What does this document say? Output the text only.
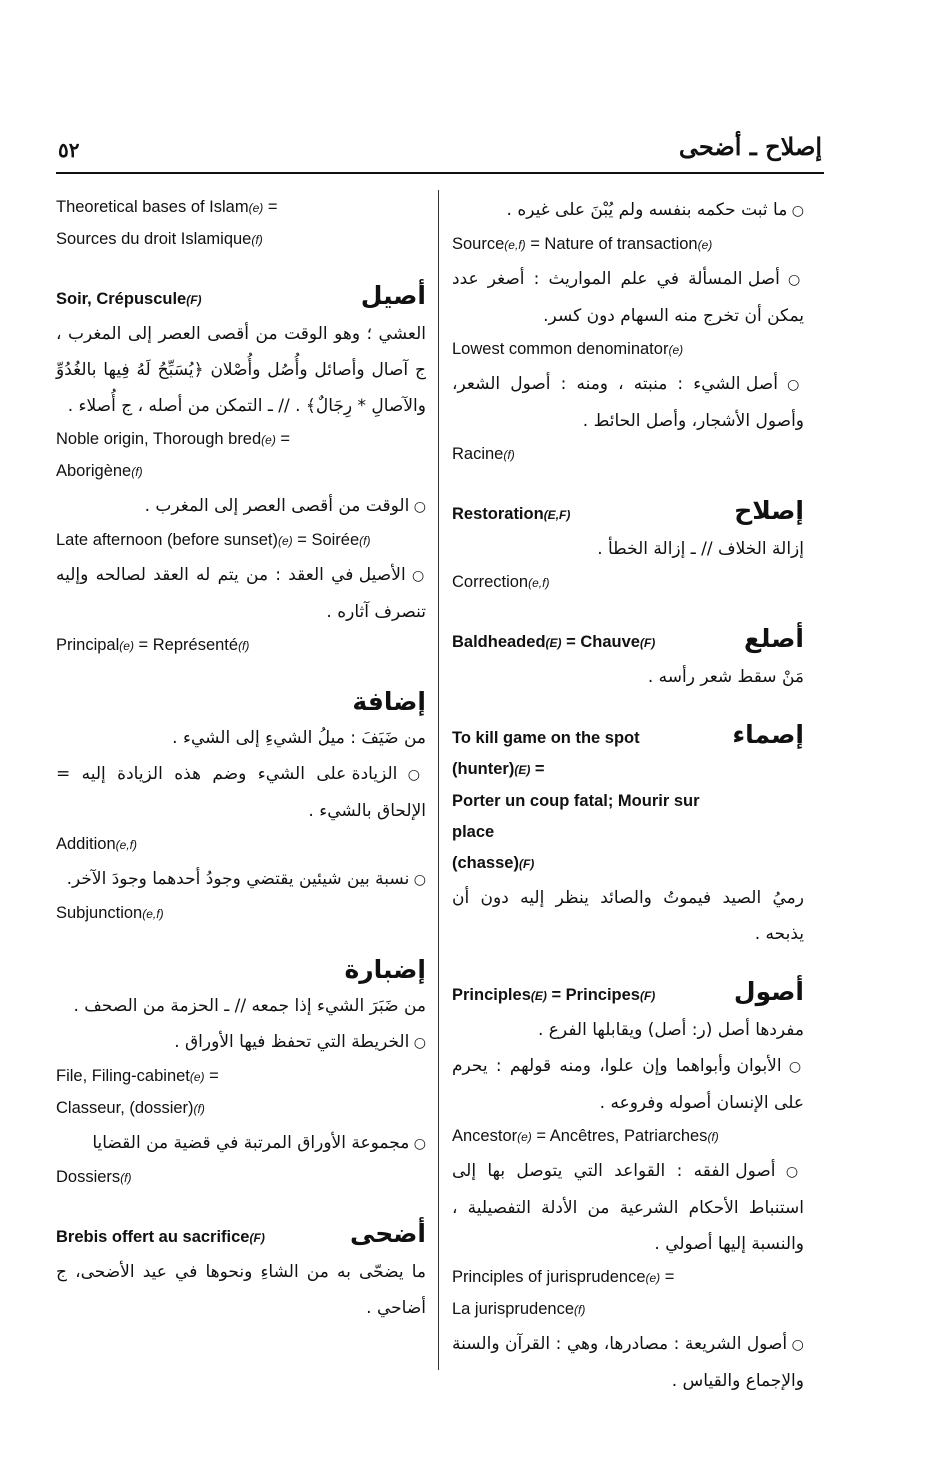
إصلاح ـ أضحى
٥٢
○ ما ثبت حكمه بنفسه ولم يُبْنَ على غيره .
Source(e,f) = Nature of transaction(e)
○ أصل المسألة في علم المواريث : أصغر عدد يمكن أن تخرج منه السهام دون كسر.
Lowest common denominator(e)
○ أصل الشيء : منبته ، ومنه : أصول الشعر، وأصول الأشجار، وأصل الحائط .
Racine(f)
Restoration(E,F)	إصلاح
إزالة الخلاف // ـ إزالة الخطأ .
Correction(e,f)
Baldheaded(E) = Chauve(F)	أصلع
مَنْ سقط شعر رأسه .
To kill game on the spot
(hunter)(E) =
Porter un coup fatal; Mourir sur place
(chasse)(F)
إصماء
رميُ الصيد فيموتُ والصائد ينظر إليه دون أن يذبحه .
Principles(E) = Principes(F)	أصول
مفردها أصل (ر: أصل) ويقابلها الفرع .
○ الأبوان وأبواهما وإن علوا، ومنه قولهم : يحرم على الإنسان أصوله وفروعه .
Ancestor(e) = Ancêtres, Patriarches(f)
○ أصول الفقه : القواعد التي يتوصل بها إلى استنباط الأحكام الشرعية من الأدلة التفصيلية ، والنسبة إليها أصولي .
Principles of jurisprudence(e) =
La jurisprudence(f)
○ أصول الشريعة : مصادرها، وهي : القرآن والسنة والإجماع والقياس .
Theoretical bases of Islam(e) =
Sources du droit Islamique(f)
Soir, Crépuscule(F)	أصيل
العشي ؛ وهو الوقت من أقصى العصر إلى المغرب ، ج آصال وأصائل وأُصُل وأُصْلان ﴿يُسَبِّحُ لَهُ فِيها بالغُدُوِّ والآصالِ * رِجَالٌ﴾ . // ـ التمكن من أصله ، ج أُصلاء .
Noble origin, Thorough bred(e) =
Aborigène(f)
○ الوقت من أقصى العصر إلى المغرب .
Late afternoon (before sunset)(e) = Soirée(f)
○ الأصيل في العقد : من يتم له العقد لصالحه وإليه تنصرف آثاره .
Principal(e) = Représenté(f)
إضافة
من ضَيَفَ : ميلُ الشيءِ إلى الشيء .
○ الزيادة على الشيء وضم هذه الزيادة إليه = الإلحاق بالشيء .
Addition(e,f)
○ نسبة بين شيئين يقتضي وجودُ أحدهما وجودَ الآخر.
Subjunction(e,f)
إضبارة
من ضَبَرَ الشيء إذا جمعه // ـ الحزمة من الصحف .
○ الخريطة التي تحفظ فيها الأوراق .
File, Filing-cabinet(e) =
Classeur, (dossier)(f)
○ مجموعة الأوراق المرتبة في قضية من القضايا
Dossiers(f)
Brebis offert au sacrifice(F)	أضحى
ما يضحّى به من الشاءِ ونحوها في عيد الأضحى، ج أضاحي .
